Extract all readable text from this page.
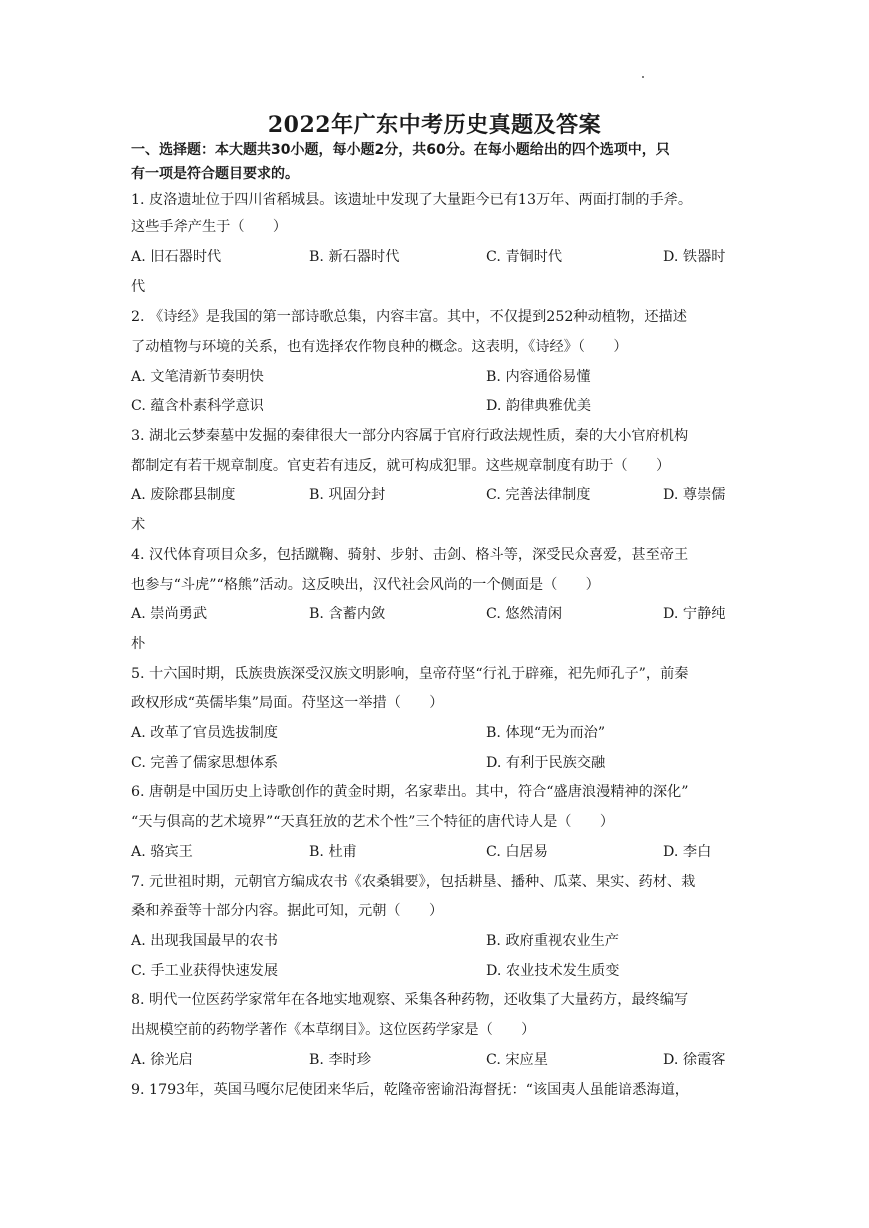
2022年广东中考历史真题及答案
一、选择题：本大题共30小题，每小题2分，共60分。在每小题给出的四个选项中，只
有一项是符合题目要求的。
1. 皮洛遗址位于四川省稻城县。该遗址中发现了大量距今已有13万年、两面打制的手斧。
这些手斧产生于（　　）
A. 旧石器时代	B. 新石器时代	C. 青铜时代	D. 铁器时
代
2. 《诗经》是我国的第一部诗歌总集，内容丰富。其中，不仅提到252种动植物，还描述
了动植物与环境的关系，也有选择农作物良种的概念。这表明，《诗经》（　　）
A. 文笔清新节奏明快	B. 内容通俗易懂
C. 蕴含朴素科学意识	D. 韵律典雅优美
3. 湖北云梦秦墓中发掘的秦律很大一部分内容属于官府行政法规性质，秦的大小官府机构
都制定有若干规章制度。官吏若有违反，就可构成犯罪。这些规章制度有助于（　　）
A. 废除郡县制度	B. 巩固分封	C. 完善法律制度	D. 尊崇儒
术
4. 汉代体育项目众多，包括蹴鞠、骑射、步射、击剑、格斗等，深受民众喜爱，甚至帝王
也参与“斗虎”“格熊”活动。这反映出，汉代社会风尚的一个侧面是（　　）
A. 崇尚勇武	B. 含蓄内敛	C. 悠然清闲	D. 宁静纯
朴
5. 十六国时期，氐族贵族深受汉族文明影响，皇帝苻坚“行礼于辟雍，祀先师孔子”，前秦
政权形成“英儒毕集”局面。苻坚这一举措（　　）
A. 改革了官员选拔制度	B. 体现“无为而治”
C. 完善了儒家思想体系	D. 有利于民族交融
6. 唐朝是中国历史上诗歌创作的黄金时期，名家辈出。其中，符合“盛唐浪漫精神的深化”
“天与俱高的艺术境界”“天真狂放的艺术个性”三个特征的唐代诗人是（　　）
A. 骆宾王	B. 杜甫	C. 白居易	D. 李白
7. 元世祖时期，元朝官方编成农书《农桑辑要》，包括耕垦、播种、瓜菜、果实、药材、栽
桑和养蚕等十部分内容。据此可知，元朝（　　）
A. 出现我国最早的农书	B. 政府重视农业生产
C. 手工业获得快速发展	D. 农业技术发生质变
8. 明代一位医药学家常年在各地实地观察、采集各种药物，还收集了大量药方，最终编写
出规模空前的药物学著作《本草纲目》。这位医药学家是（　　）
A. 徐光启	B. 李时珍	C. 宋应星	D. 徐霞客
9. 1793年，英国马嘎尔尼使团来华后，乾隆帝密谕沿海督抚：“该国夷人虽能谙悉海道，
